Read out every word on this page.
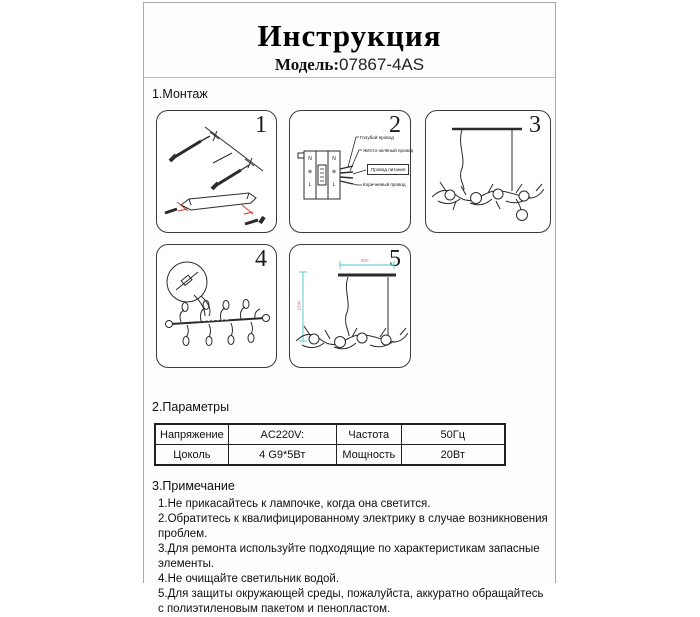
Инструкция
Модель:07867-4AS
1.Монтаж
1	2
N
⊕
L
N
⊕
L
Голубой провод
Жёлто-зелёный провод
Провод питания
Коричневый провод
3
4	5
800
1500
2.Параметры
Напряжение	AC220V:	Частота	50Гц
Цоколь	4 G9*5Вт	Мощность	20Вт
3.Примечание
1.Не прикасайтесь к лампочке, когда она светится.
2.Обратитесь к квалифицированному электрику в случае возникновения проблем.
3.Для ремонта используйте подходящие по характеристикам запасные элементы.
4.Не очищайте светильник водой.
5.Для защиты окружающей среды, пожалуйста, аккуратно обращайтесь с полиэтиленовым пакетом и пенопластом.
